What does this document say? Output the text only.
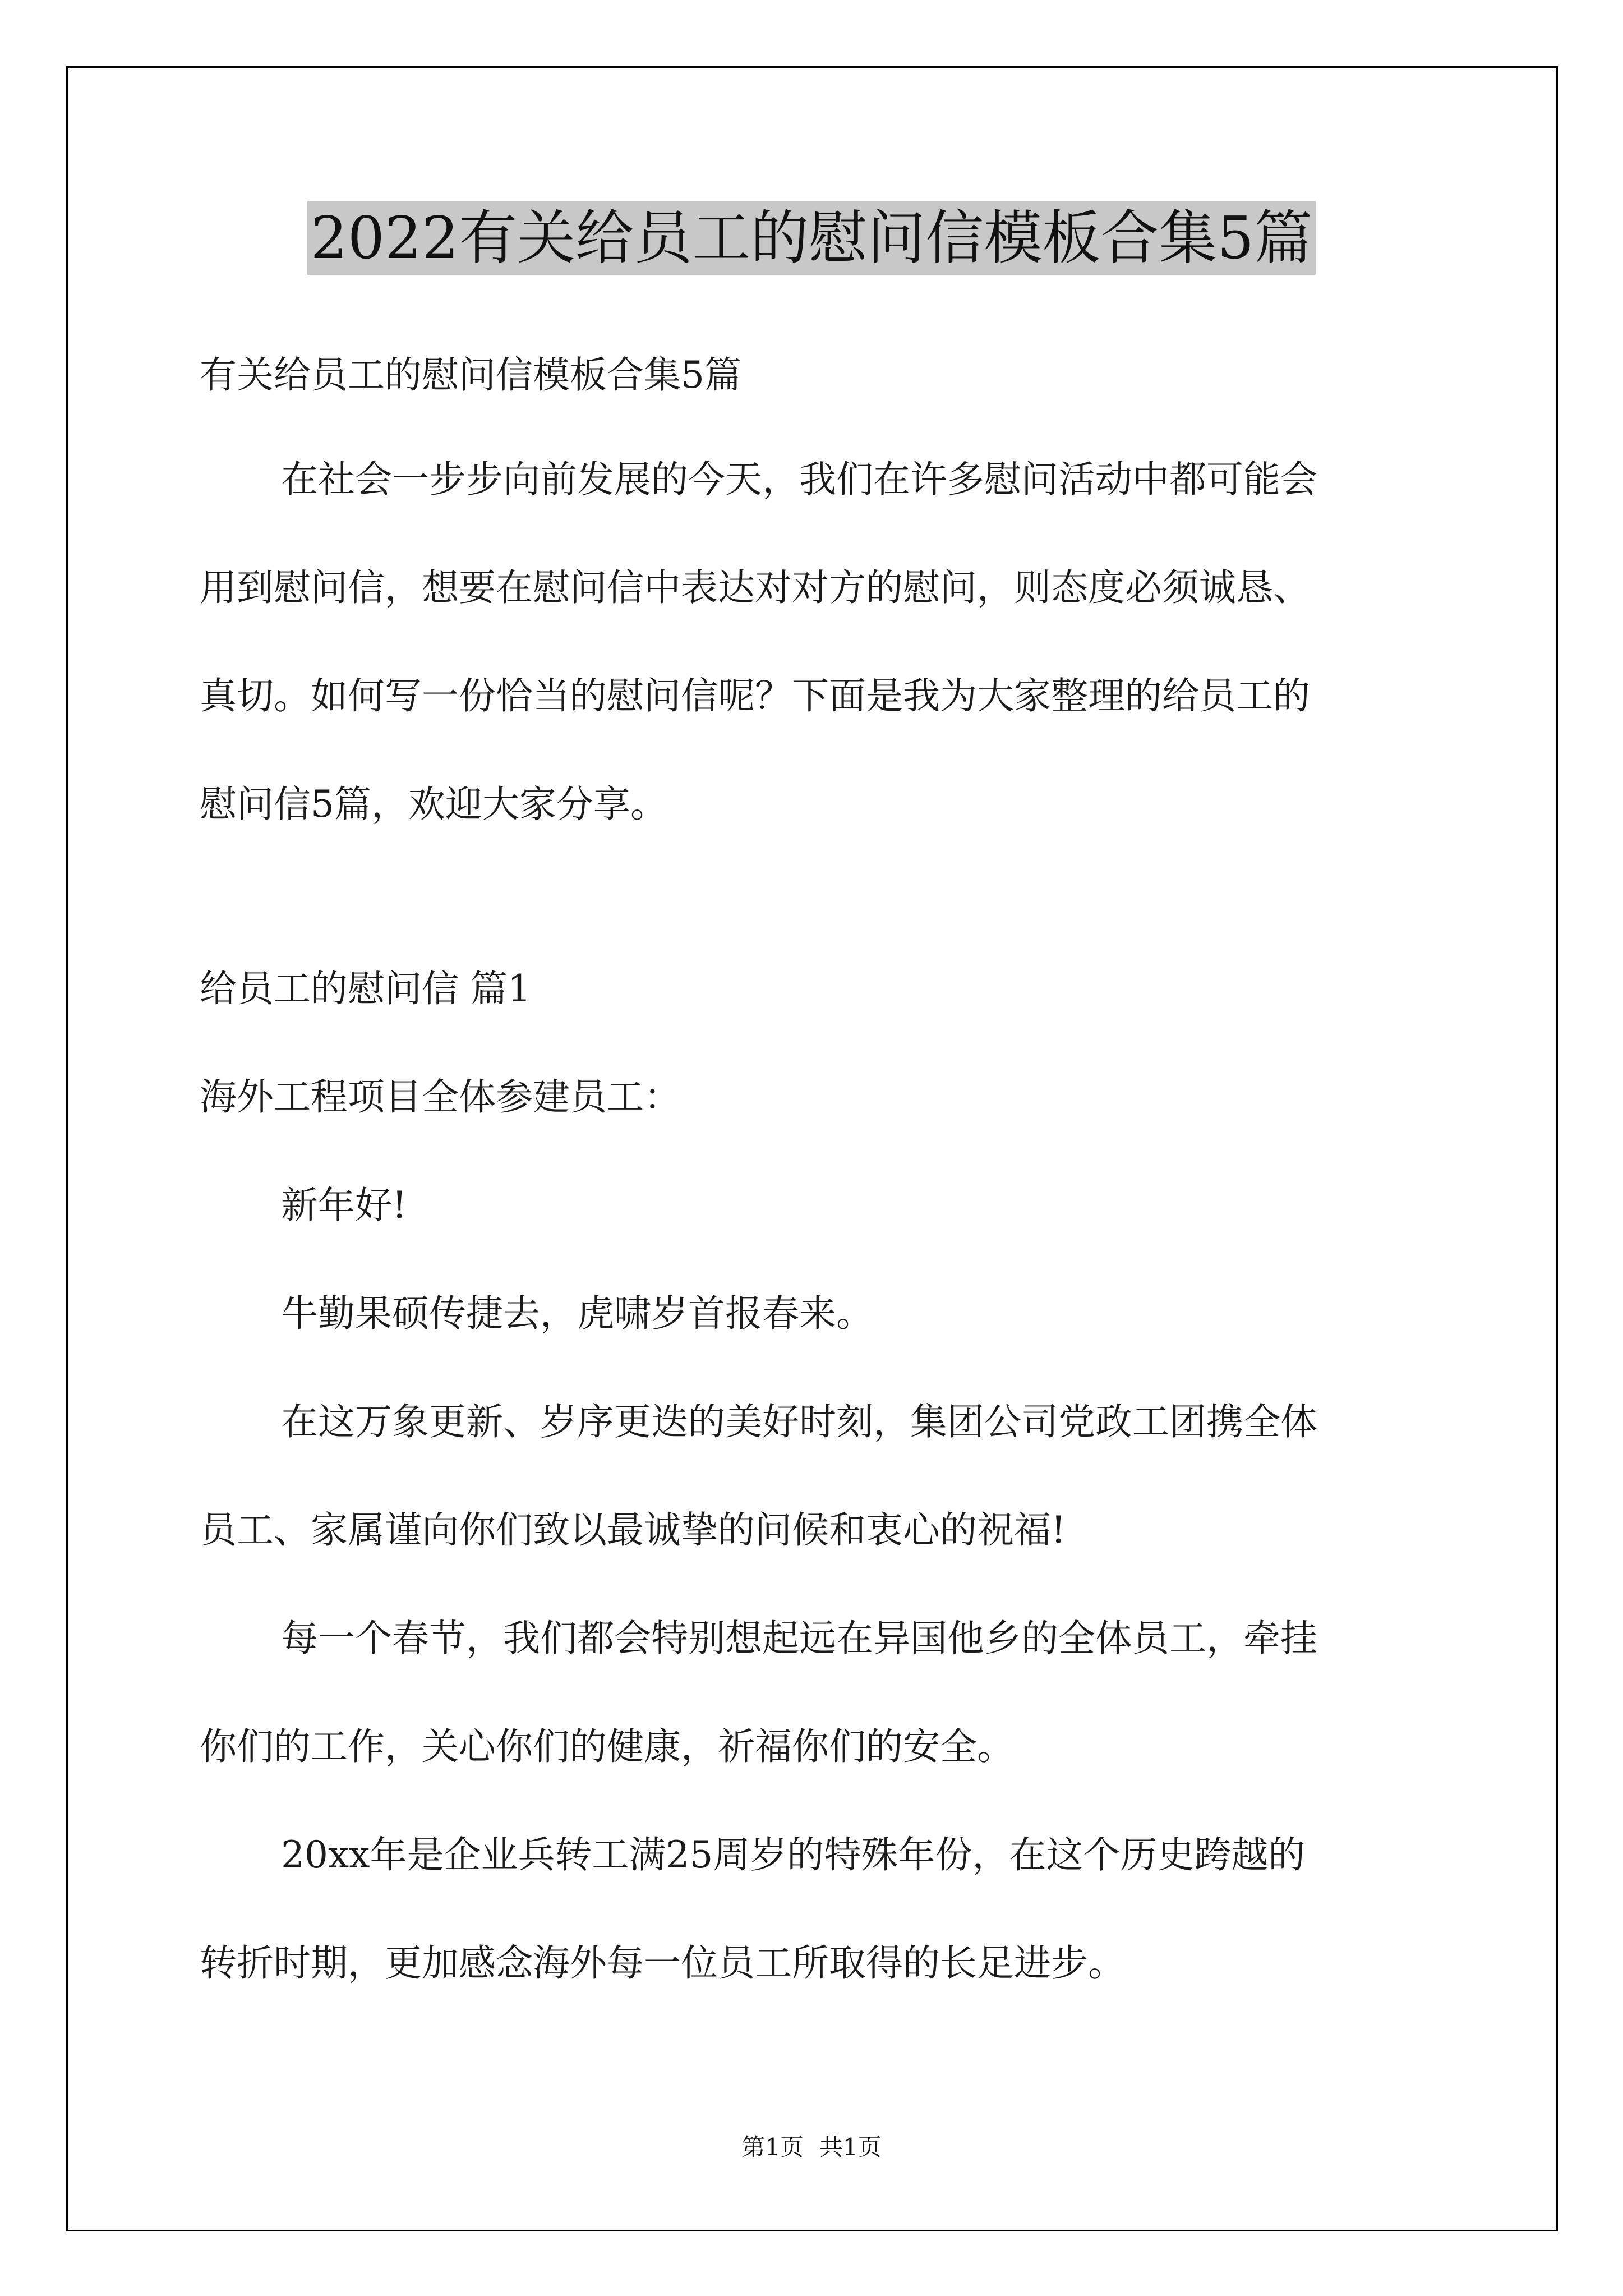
2022有关给员工的慰问信模板合集5篇
有关给员工的慰问信模板合集5篇
在社会一步步向前发展的今天，我们在许多慰问活动中都可能会
用到慰问信，想要在慰问信中表达对对方的慰问，则态度必须诚恳、
真切。如何写一份恰当的慰问信呢？下面是我为大家整理的给员工的
慰问信5篇，欢迎大家分享。
给员工的慰问信 篇1
海外工程项目全体参建员工：
新年好!
牛勤果硕传捷去，虎啸岁首报春来。
在这万象更新、岁序更迭的美好时刻，集团公司党政工团携全体
员工、家属谨向你们致以最诚挚的问候和衷心的祝福!
每一个春节，我们都会特别想起远在异国他乡的全体员工，牵挂
你们的工作，关心你们的健康，祈福你们的安全。
20xx年是企业兵转工满25周岁的特殊年份，在这个历史跨越的
转折时期，更加感念海外每一位员工所取得的长足进步。
第1页 共1页
